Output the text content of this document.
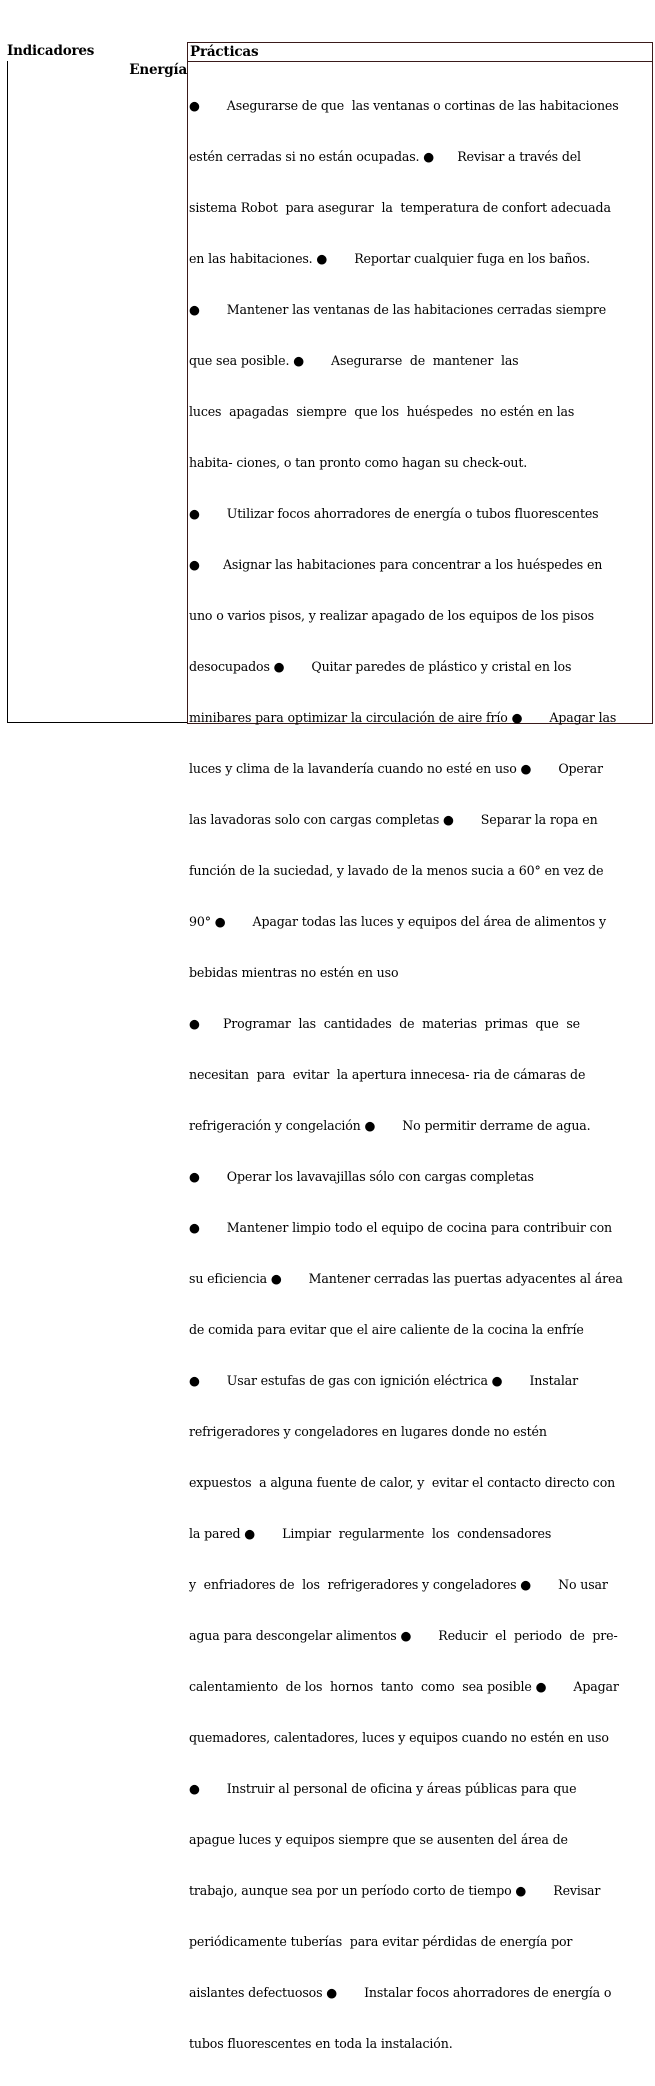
Indicadores
Energía
Prácticas

●       Asegurarse de que  las ventanas o cortinas de las habitaciones

estén cerradas si no están ocupadas. ●      Revisar a través del

sistema Robot  para asegurar  la  temperatura de confort adecuada

en las habitaciones. ●       Reportar cualquier fuga en los baños.

●       Mantener las ventanas de las habitaciones cerradas siempre

que sea posible. ●       Asegurarse  de  mantener  las

luces  apagadas  siempre  que los  huéspedes  no estén en las

habita- ciones, o tan pronto como hagan su check-out.

●       Utilizar focos ahorradores de energía o tubos fluorescentes

●      Asignar las habitaciones para concentrar a los huéspedes en

uno o varios pisos, y realizar apagado de los equipos de los pisos

desocupados ●       Quitar paredes de plástico y cristal en los

minibares para optimizar la circulación de aire frío ●       Apagar las

luces y clima de la lavandería cuando no esté en uso ●       Operar

las lavadoras solo con cargas completas ●       Separar la ropa en

función de la suciedad, y lavado de la menos sucia a 60° en vez de

90° ●       Apagar todas las luces y equipos del área de alimentos y

bebidas mientras no estén en uso

●      Programar  las  cantidades  de  materias  primas  que  se

necesitan  para  evitar  la apertura innecesa- ria de cámaras de

refrigeración y congelación ●       No permitir derrame de agua.

●       Operar los lavavajillas sólo con cargas completas

●       Mantener limpio todo el equipo de cocina para contribuir con

su eficiencia ●       Mantener cerradas las puertas adyacentes al área

de comida para evitar que el aire caliente de la cocina la enfríe

●       Usar estufas de gas con ignición eléctrica ●       Instalar

refrigeradores y congeladores en lugares donde no estén

expuestos  a alguna fuente de calor, y  evitar el contacto directo con

la pared ●       Limpiar  regularmente  los  condensadores

y  enfriadores de  los  refrigeradores y congeladores ●       No usar

agua para descongelar alimentos ●       Reducir  el  periodo  de  pre-

calentamiento  de los  hornos  tanto  como  sea posible ●       Apagar

quemadores, calentadores, luces y equipos cuando no estén en uso

●       Instruir al personal de oficina y áreas públicas para que

apague luces y equipos siempre que se ausenten del área de

trabajo, aunque sea por un período corto de tiempo ●       Revisar

periódicamente tuberías  para evitar pérdidas de energía por

aislantes defectuosos ●       Instalar focos ahorradores de energía o

tubos fluorescentes en toda la instalación.
